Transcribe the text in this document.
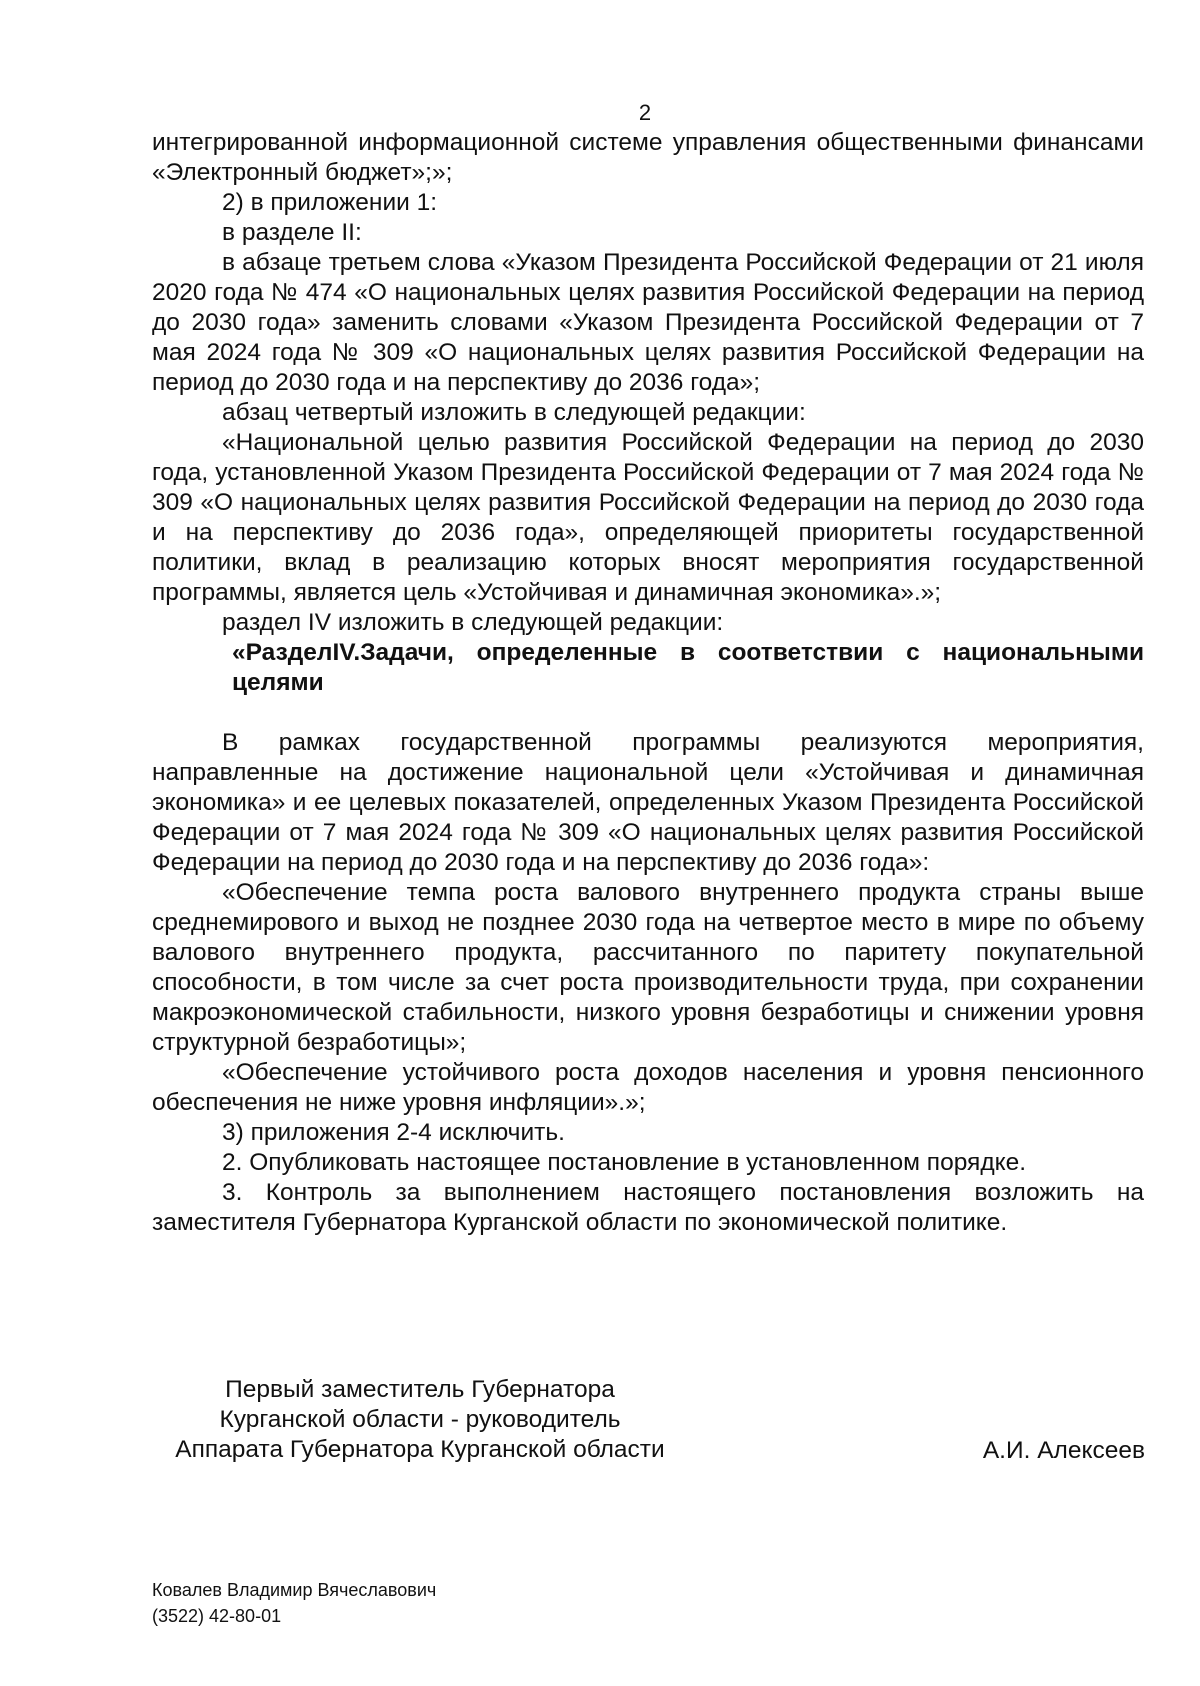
2

интегрированной информационной системе управления общественными финансами «Электронный бюджет»;»;

2) в приложении 1:

в разделе II:

в абзаце третьем слова «Указом Президента Российской Федерации от 21 июля 2020 года № 474 «О национальных целях развития Российской Федерации на период до 2030 года» заменить словами «Указом Президента Российской Федерации от 7 мая 2024 года № 309 «О национальных целях развития Российской Федерации на период до 2030 года и на перспективу до 2036 года»;

абзац четвертый изложить в следующей редакции:

«Национальной целью развития Российской Федерации на период до 2030 года, установленной Указом Президента Российской Федерации от 7 мая 2024 года № 309 «О национальных целях развития Российской Федерации на период до 2030 года и на перспективу до 2036 года», определяющей приоритеты государственной политики, вклад в реализацию которых вносят мероприятия государственной программы, является цель «Устойчивая и динамичная экономика».»;

раздел IV изложить в следующей редакции:

«РазделIV.Задачи, определенные в соответствии с национальными целями

В рамках государственной программы реализуются мероприятия, направленные на достижение национальной цели «Устойчивая и динамичная экономика» и ее целевых показателей, определенных Указом Президента Российской Федерации от 7 мая 2024 года № 309 «О национальных целях развития Российской Федерации на период до 2030 года и на перспективу до 2036 года»:

«Обеспечение темпа роста валового внутреннего продукта страны выше среднемирового и выход не позднее 2030 года на четвертое место в мире по объему валового внутреннего продукта, рассчитанного по паритету покупательной способности, в том числе за счет роста производительности труда, при сохранении макроэкономической стабильности, низкого уровня безработицы и снижении уровня структурной безработицы»;

«Обеспечение устойчивого роста доходов населения и уровня пенсионного обеспечения не ниже уровня инфляции».»;

3) приложения 2-4 исключить.

2. Опубликовать настоящее постановление в установленном порядке.

3. Контроль за выполнением настоящего постановления возложить на заместителя Губернатора Курганской области по экономической политике.

Первый заместитель Губернатора
Курганской области - руководитель
Аппарата Губернатора Курганской области	А.И. Алексеев
Ковалев Владимир Вячеславович
(3522) 42-80-01
